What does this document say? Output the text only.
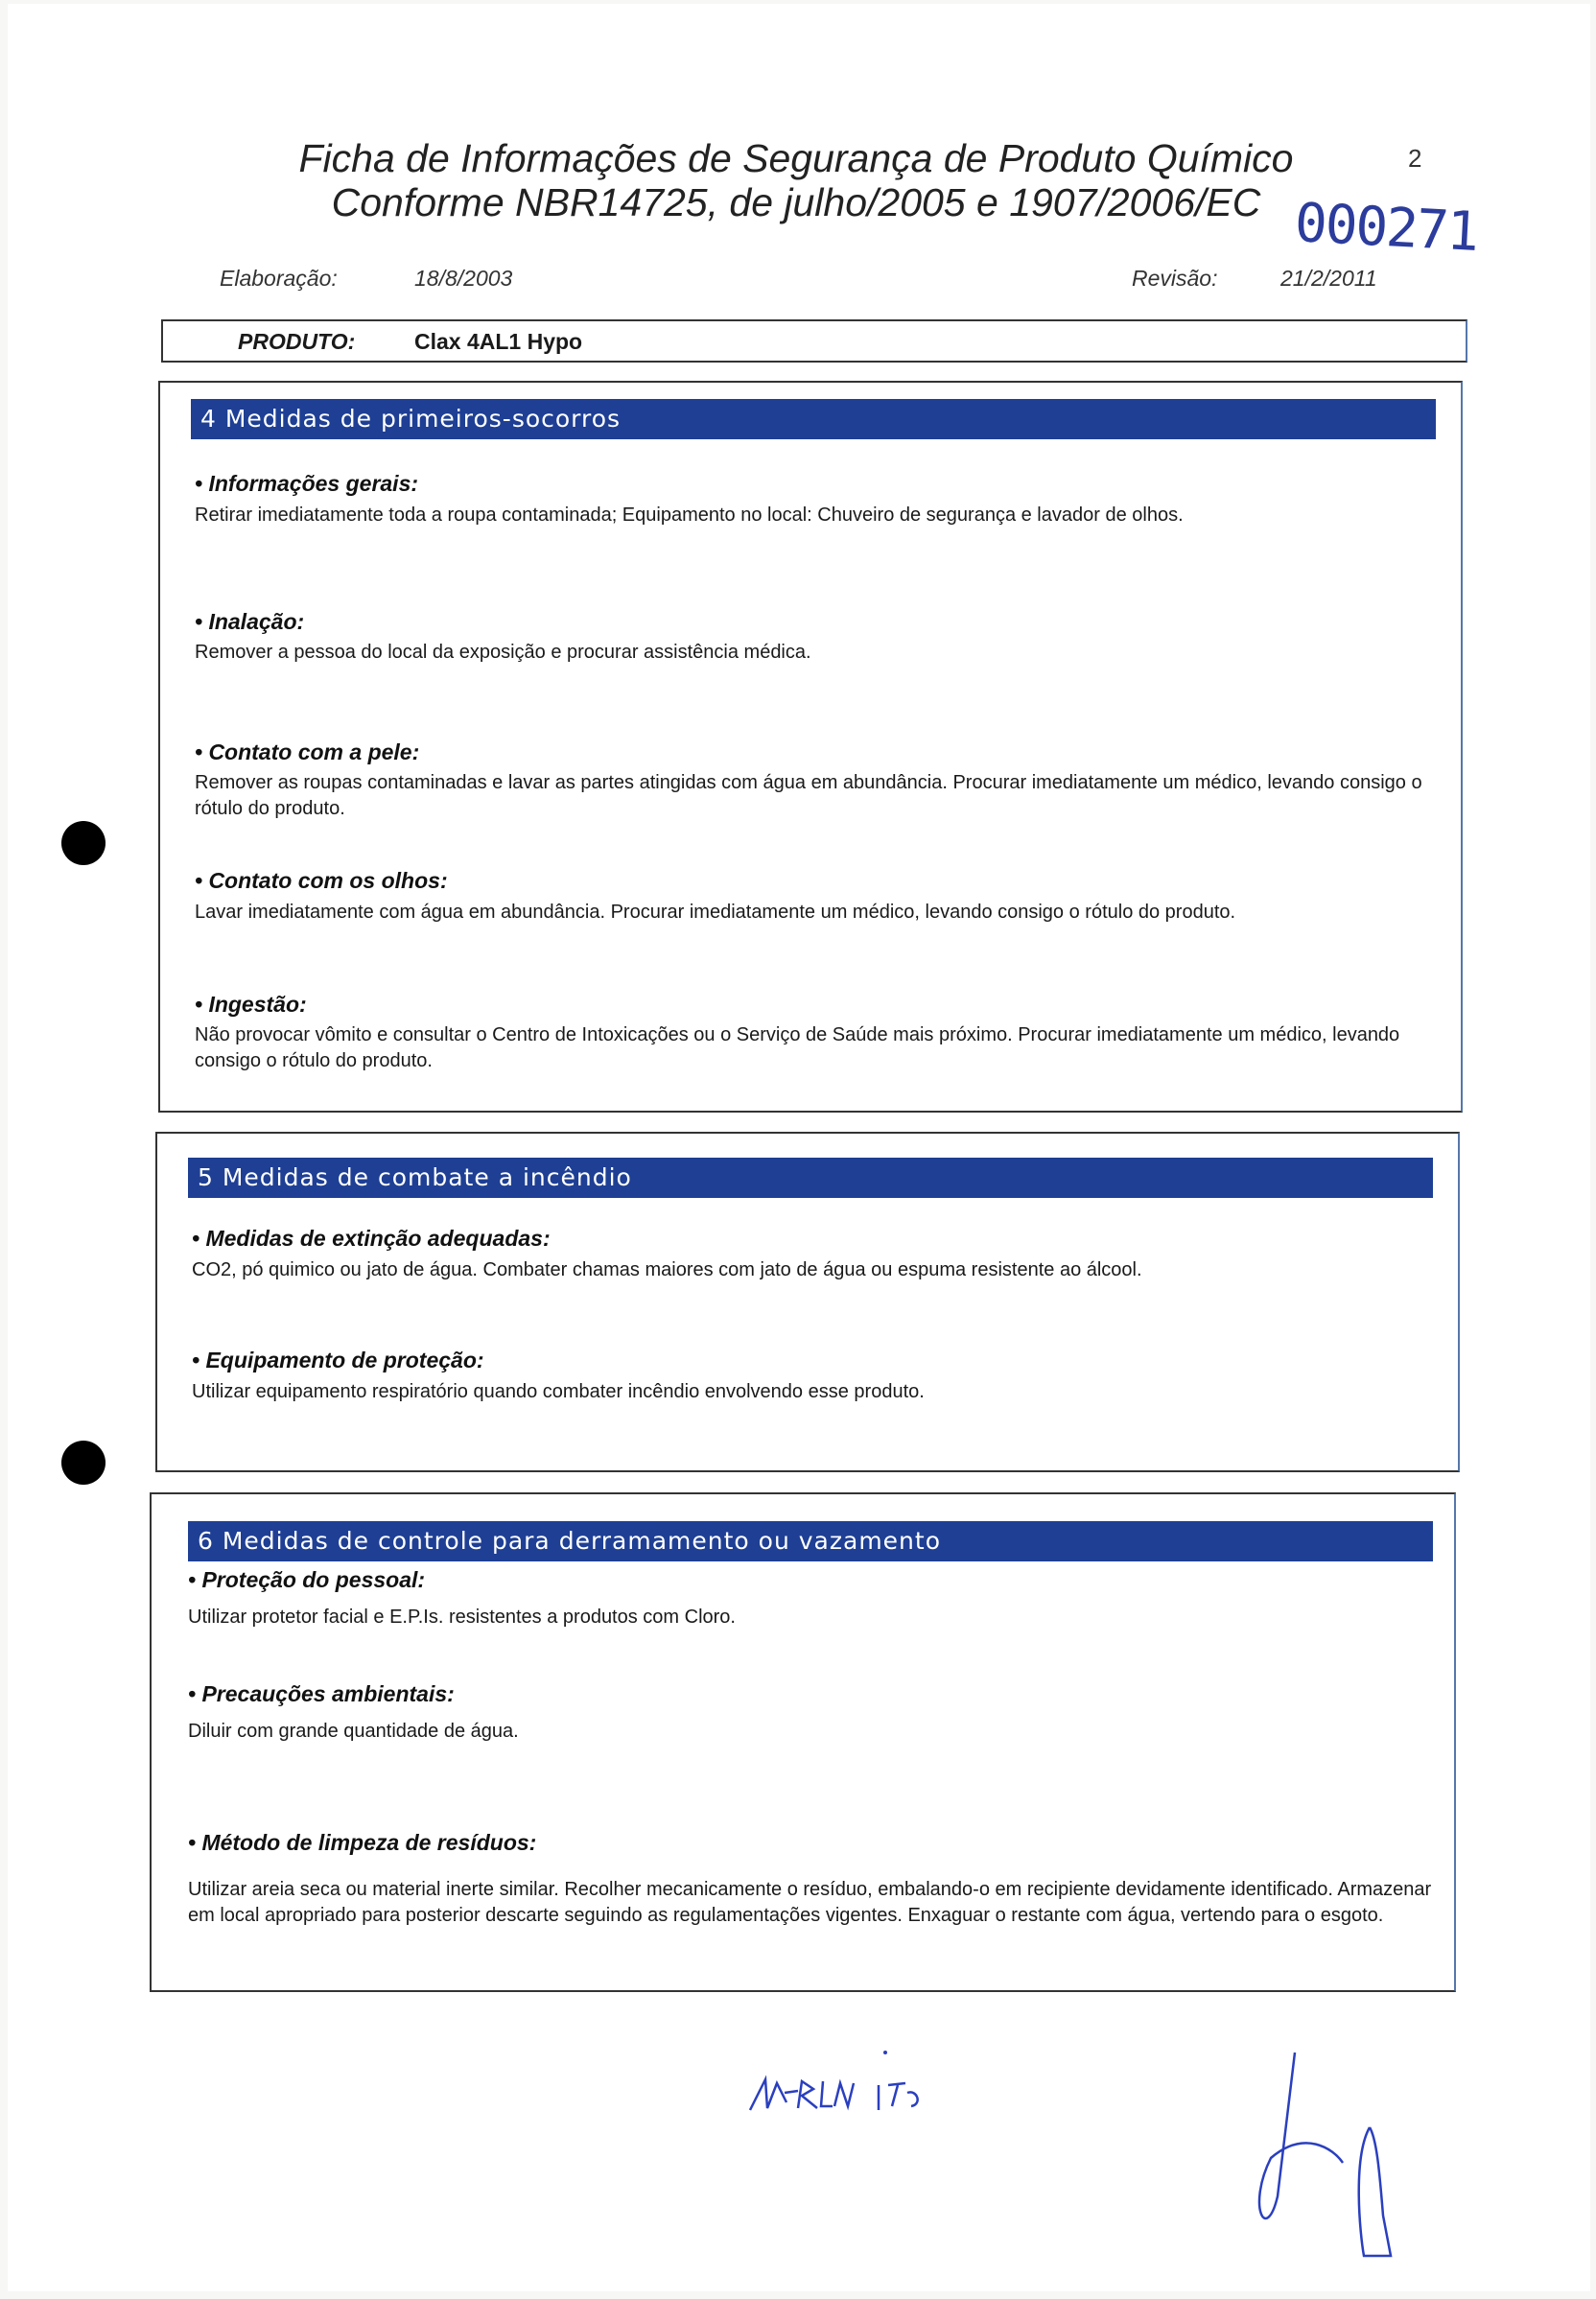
Ficha de Informações de Segurança de Produto Químico
Conforme NBR14725, de julho/2005 e 1907/2006/EC
2
000271
Elaboração:	18/8/2003	Revisão:	21/2/2011
PRODUTO:	Clax 4AL1 Hypo
4 Medidas de primeiros-socorros
• Informações gerais:
Retirar imediatamente toda a roupa contaminada; Equipamento no local: Chuveiro de segurança e lavador de olhos.
• Inalação:
Remover a pessoa do local da exposição e procurar assistência médica.
• Contato com a pele:
Remover as roupas contaminadas e lavar as partes atingidas com água em abundância. Procurar imediatamente um médico, levando consigo o rótulo do produto.
• Contato com os olhos:
Lavar imediatamente com água em abundância. Procurar imediatamente um médico, levando consigo o rótulo do produto.
• Ingestão:
Não provocar vômito e consultar o Centro de Intoxicações ou o Serviço de Saúde mais próximo. Procurar imediatamente um médico, levando consigo o rótulo do produto.
5 Medidas de combate a incêndio
• Medidas de extinção adequadas:
CO2, pó quimico ou jato de água. Combater chamas maiores com jato de água ou espuma resistente ao álcool.
• Equipamento de proteção:
Utilizar equipamento respiratório quando combater incêndio envolvendo esse produto.
6 Medidas de controle para derramamento ou vazamento
• Proteção do pessoal:
Utilizar protetor facial e E.P.Is. resistentes a produtos com Cloro.
• Precauções ambientais:
Diluir com grande quantidade de água.
• Método de limpeza de resíduos:
Utilizar areia seca ou material inerte similar. Recolher mecanicamente o resíduo, embalando-o em recipiente devidamente identificado. Armazenar em local apropriado para posterior descarte seguindo as regulamentações vigentes. Enxaguar o restante com água, vertendo para o esgoto.
